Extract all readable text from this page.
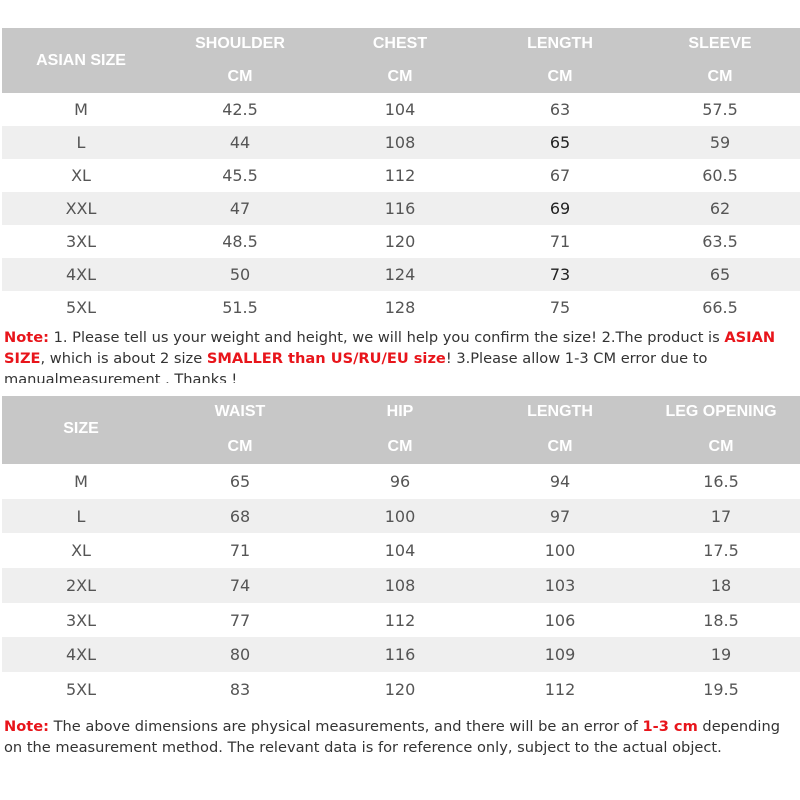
ASIAN SIZE
SHOULDER	CHEST	LENGTH	SLEEVE
CM	CM	CM	CM
M	42.5	104	63	57.5
L	44	108	65	59
XL	45.5	112	67	60.5
XXL	47	116	69	62
3XL	48.5	120	71	63.5
4XL	50	124	73	65
5XL	51.5	128	75	66.5
Note: 1. Please tell us your weight and height, we will help you confirm the size! 2.The product is ASIAN SIZE, which is about 2 size SMALLER than US/RU/EU size! 3.Please allow 1-3 CM error due to manualmeasurement . Thanks !
SIZE
WAIST	HIP	LENGTH	LEG OPENING
CM	CM	CM	CM
M	65	96	94	16.5
L	68	100	97	17
XL	71	104	100	17.5
2XL	74	108	103	18
3XL	77	112	106	18.5
4XL	80	116	109	19
5XL	83	120	112	19.5
Note: The above dimensions are physical measurements, and there will be an error of 1-3 cm depending on the measurement method. The relevant data is for reference only, subject to the actual object.
